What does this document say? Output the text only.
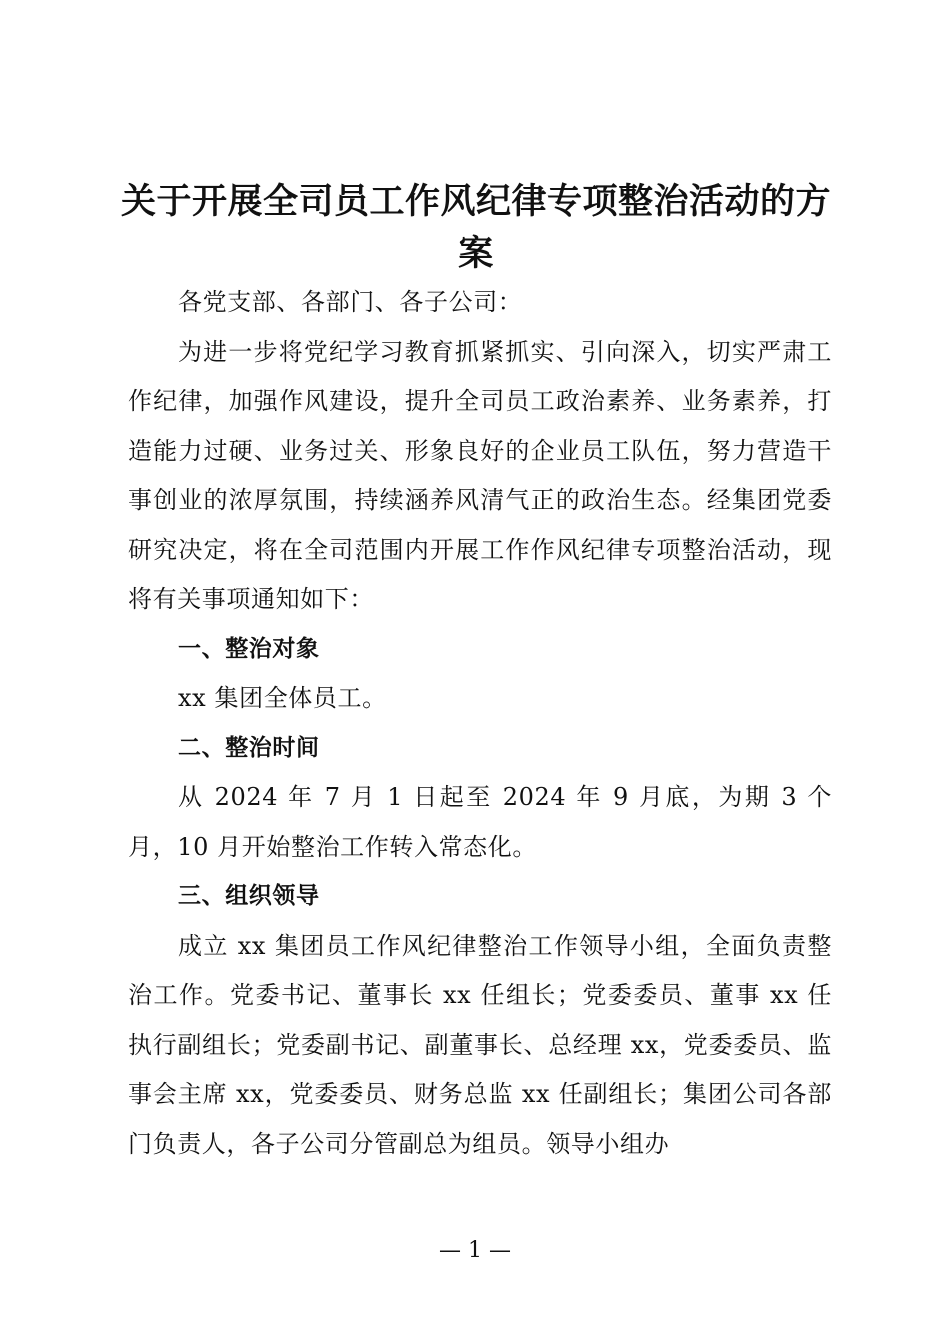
关于开展全司员工作风纪律专项整治活动的方案

各党支部、各部门、各子公司：

为进一步将党纪学习教育抓紧抓实、引向深入，切实严肃工作纪律，加强作风建设，提升全司员工政治素养、业务素养，打造能力过硬、业务过关、形象良好的企业员工队伍，努力营造干事创业的浓厚氛围，持续涵养风清气正的政治生态。经集团党委研究决定，将在全司范围内开展工作作风纪律专项整治活动，现将有关事项通知如下：

一、整治对象

xx 集团全体员工。

二、整治时间

从 2024 年 7 月 1 日起至 2024 年 9 月底，为期 3 个月，10 月开始整治工作转入常态化。

三、组织领导

成立 xx 集团员工作风纪律整治工作领导小组，全面负责整治工作。党委书记、董事长 xx 任组长；党委委员、董事 xx 任执行副组长；党委副书记、副董事长、总经理 xx，党委委员、监事会主席 xx，党委委员、财务总监 xx 任副组长；集团公司各部门负责人，各子公司分管副总为组员。领导小组办

— 1 —
